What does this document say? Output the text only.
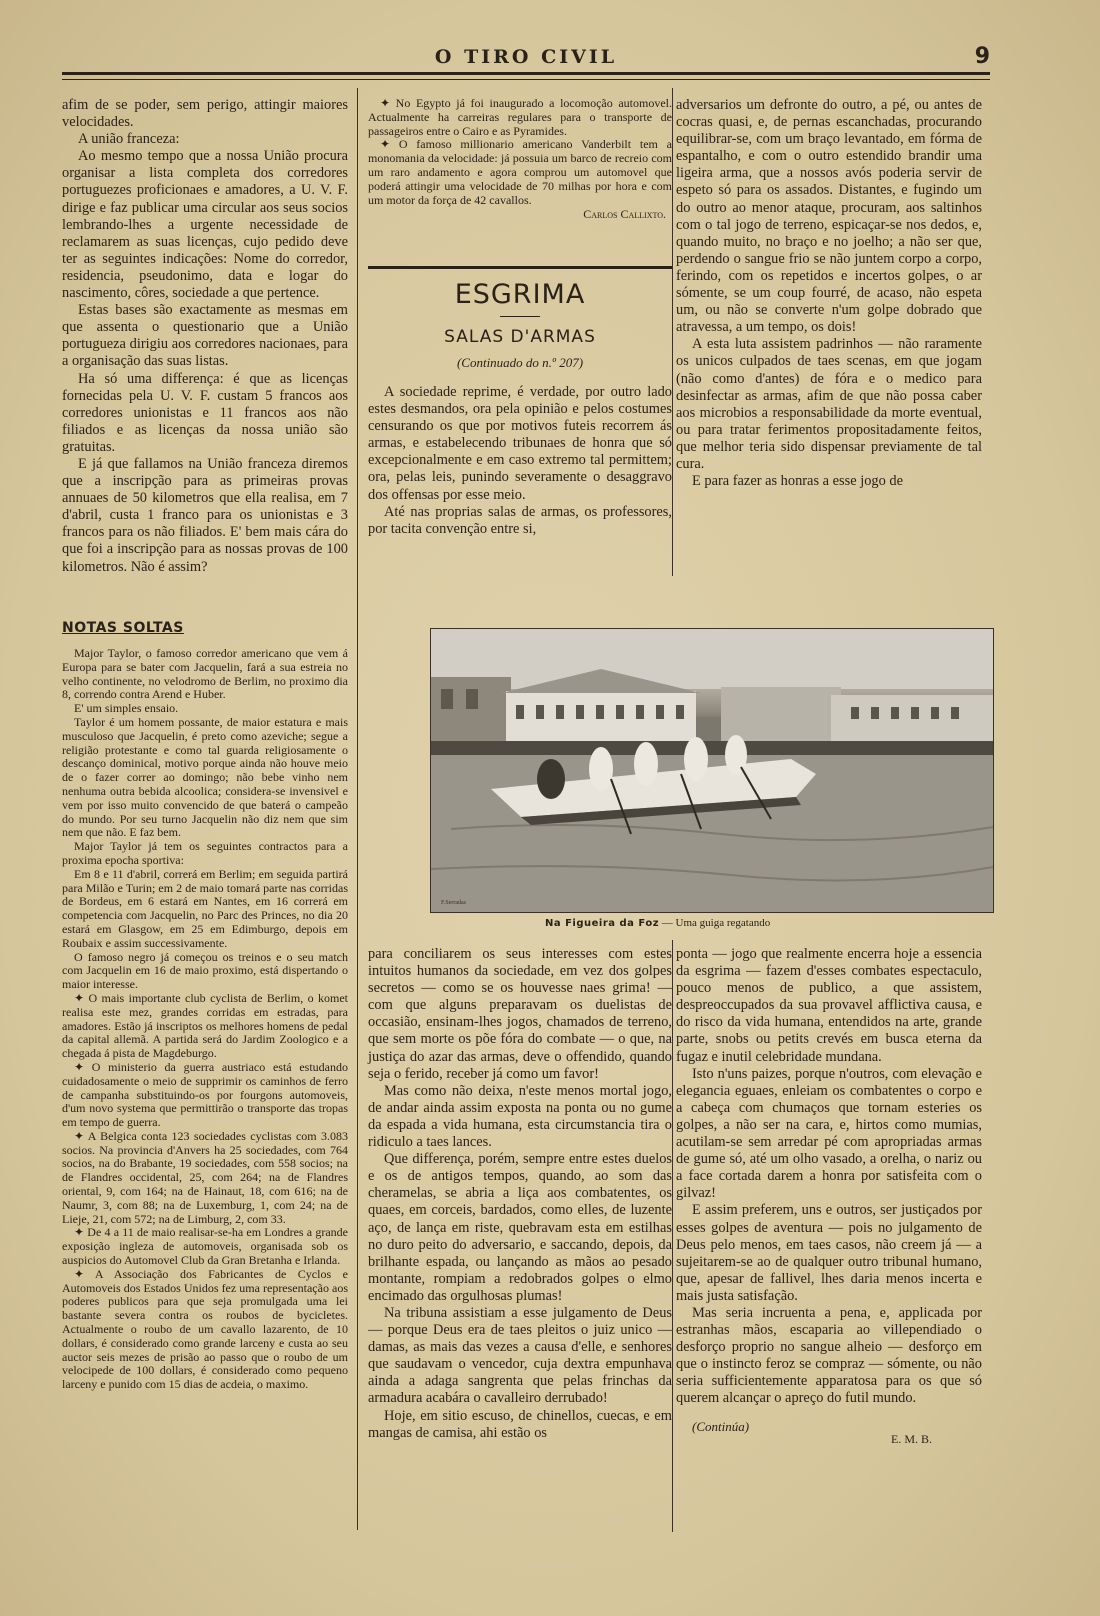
O TIRO CIVIL	9

afim de se poder, sem perigo, attingir maiores velocidades.

A união franceza:

Ao mesmo tempo que a nossa União procura organisar a lista completa dos corredores portuguezes proficionaes e amadores, a U. V. F. dirige e faz publicar uma circular aos seus socios lembrando-lhes a urgente necessidade de reclamarem as suas licenças, cujo pedido deve ter as seguintes indicações: Nome do corredor, residencia, pseudonimo, data e logar do nascimento, côres, sociedade a que pertence.

Estas bases são exactamente as mesmas em que assenta o questionario que a União portugueza dirigiu aos corredores nacionaes, para a organisação das suas listas.

Ha só uma differença: é que as licenças fornecidas pela U. V. F. custam 5 francos aos corredores unionistas e 11 francos aos não filiados e as licenças da nossa união são gratuitas.

E já que fallamos na União franceza diremos que a inscripção para as primeiras provas annuaes de 50 kilometros que ella realisa, em 7 d'abril, custa 1 franco para os unionistas e 3 francos para os não filiados. E' bem mais cára do que foi a inscripção para as nossas provas de 100 kilometros. Não é assim?

NOTAS SOLTAS

Major Taylor, o famoso corredor americano que vem á Europa para se bater com Jacquelin, fará a sua estreia no velho continente, no velodromo de Berlim, no proximo dia 8, correndo contra Arend e Huber.

E' um simples ensaio.

Taylor é um homem possante, de maior estatura e mais musculoso que Jacquelin, é preto como azeviche; segue a religião protestante e como tal guarda religiosamente o descanço dominical, motivo porque ainda não houve meio de o fazer correr ao domingo; não bebe vinho nem nenhuma outra bebida alcoolica; considera-se invensivel e vem por isso muito convencido de que baterá o campeão do mundo. Por seu turno Jacquelin não diz nem que sim nem que não. E faz bem.

Major Taylor já tem os seguintes contractos para a proxima epocha sportiva:

Em 8 e 11 d'abril, correrá em Berlim; em seguida partirá para Milão e Turin; em 2 de maio tomará parte nas corridas de Bordeus, em 6 estará em Nantes, em 16 correrá em competencia com Jacquelin, no Parc des Princes, no dia 20 estará em Glasgow, em 25 em Edimburgo, depois em Roubaix e assim successivamente.

O famoso negro já começou os treinos e o seu match com Jacquelin em 16 de maio proximo, está dispertando o maior interesse.

✦ O mais importante club cyclista de Berlim, o komet realisa este mez, grandes corridas em estradas, para amadores. Estão já inscriptos os melhores homens de pedal da capital allemã. A partida será do Jardim Zoologico e a chegada á pista de Magdeburgo.

✦ O ministerio da guerra austriaco está estudando cuidadosamente o meio de supprimir os caminhos de ferro de campanha substituindo-os por fourgons automoveis, d'um novo systema que permittirão o transporte das tropas em tempo de guerra.

✦ A Belgica conta 123 sociedades cyclistas com 3.083 socios. Na provincia d'Anvers ha 25 sociedades, com 764 socios, na do Brabante, 19 sociedades, com 558 socios; na de Flandres occidental, 25, com 264; na de Flandres oriental, 9, com 164; na de Hainaut, 18, com 616; na de Naumr, 3, com 88; na de Luxemburg, 1, com 24; na de Lieje, 21, com 572; na de Limburg, 2, com 33.

✦ De 4 a 11 de maio realisar-se-ha em Londres a grande exposição ingleza de automoveis, organisada sob os auspicios do Automovel Club da Gran Bretanha e Irlanda.

✦ A Associação dos Fabricantes de Cyclos e Automoveis dos Estados Unidos fez uma representação aos poderes publicos para que seja promulgada uma lei bastante severa contra os roubos de bycicletes. Actualmente o roubo de um cavallo lazarento, de 10 dollars, é considerado como grande larceny e custa ao seu auctor seis mezes de prisão ao passo que o roubo de um velocipede de 100 dollars, é considerado como pequeno larceny e punido com 15 dias de acdeia, o maximo.

✦ No Egypto já foi inaugurado a locomoção automovel. Actualmente ha carreiras regulares para o transporte de passageiros entre o Cairo e as Pyramides.

✦ O famoso millionario americano Vanderbilt tem a monomania da velocidade: já possuia um barco de recreio com um raro andamento e agora comprou um automovel que poderá attingir uma velocidade de 70 milhas por hora e com um motor da força de 42 cavallos.

Carlos Callixto.
ESGRIMA
SALAS D'ARMAS
(Continuado do n.º 207)

A sociedade reprime, é verdade, por outro lado estes desmandos, ora pela opinião e pelos costumes censurando os que por motivos futeis recorrem ás armas, e estabelecendo tribunaes de honra que só excepcionalmente e em caso extremo tal permittem; ora, pelas leis, punindo severamente o desaggravo dos offensas por esse meio.

Até nas proprias salas de armas, os professores, por tacita convenção entre si,

adversarios um defronte do outro, a pé, ou antes de cocras quasi, e, de pernas escanchadas, procurando equilibrar-se, com um braço levantado, em fórma de espantalho, e com o outro estendido brandir uma ligeira arma, que a nossos avós poderia servir de espeto só para os assados. Distantes, e fugindo um do outro ao menor ataque, procuram, aos saltinhos com o tal jogo de terreno, espicaçar-se nos dedos, e, quando muito, no braço e no joelho; a não ser que, perdendo o sangue frio se não juntem corpo a corpo, ferindo, com os repetidos e incertos golpes, o ar sómente, se um coup fourré, de acaso, não espeta um, ou não se converte n'um golpe dobrado que atravessa, a um tempo, os dois!

A esta luta assistem padrinhos — não raramente os unicos culpados de taes scenas, em que jogam (não como d'antes) de fóra e o medico para desinfectar as armas, afim de que não possa caber aos microbios a responsabilidade da morte eventual, ou para tratar ferimentos propositadamente feitos, que melhor teria sido dispensar previamente de tal cura.

E para fazer as honras a esse jogo de

F.Serradas
Na Figueira da Foz — Uma guiga regatando

para conciliarem os seus interesses com estes intuitos humanos da sociedade, em vez dos golpes secretos — como se os houvesse naes grima! — com que alguns preparavam os duelistas de occasião, ensinam-lhes jogos, chamados de terreno, que sem morte os põe fóra do combate — o que, na justiça do azar das armas, deve o offendido, quando seja o ferido, receber já como um favor!

Mas como não deixa, n'este menos mortal jogo, de andar ainda assim exposta na ponta ou no gume da espada a vida humana, esta circumstancia tira o ridiculo a taes lances.

Que differença, porém, sempre entre estes duelos e os de antigos tempos, quando, ao som das cheramelas, se abria a liça aos combatentes, os quaes, em corceis, bardados, como elles, de luzente aço, de lança em riste, quebravam esta em estilhas no duro peito do adversario, e saccando, depois, da brilhante espada, ou lançando as mãos ao pesado montante, rompiam a redobrados golpes o elmo encimado das orgulhosas plumas!

Na tribuna assistiam a esse julgamento de Deus — porque Deus era de taes pleitos o juiz unico — damas, as mais das vezes a causa d'elle, e senhores que saudavam o vencedor, cuja dextra empunhava ainda a adaga sangrenta que pelas frinchas da armadura acabára o cavalleiro derrubado!

Hoje, em sitio escuso, de chinellos, cuecas, e em mangas de camisa, ahi estão os

ponta — jogo que realmente encerra hoje a essencia da esgrima — fazem d'esses combates espectaculo, pouco menos de publico, a que assistem, despreoccupados da sua provavel afflictiva causa, e do risco da vida humana, entendidos na arte, grande parte, snobs ou petits crevés em busca eterna da fugaz e inutil celebridade mundana.

Isto n'uns paizes, porque n'outros, com elevação e elegancia eguaes, enleiam os combatentes o corpo e a cabeça com chumaços que tornam esteries os golpes, a não ser na cara, e, hirtos como mumias, acutilam-se sem arredar pé com apropriadas armas de gume só, até um olho vasado, a orelha, o nariz ou a face cortada darem a honra por satisfeita com o gilvaz!

E assim preferem, uns e outros, ser justiçados por esses golpes de aventura — pois no julgamento de Deus pelo menos, em taes casos, não creem já — a sujeitarem-se ao de qualquer outro tribunal humano, que, apesar de fallivel, lhes daria menos incerta e mais justa satisfação.

Mas seria incruenta a pena, e, applicada por estranhas mãos, escaparia ao villependiado o desforço proprio no sangue alheio — desforço em que o instincto feroz se compraz — sómente, ou não seria sufficientemente apparatosa para os que só querem alcançar o apreço do futil mundo.

(Continúa)
E. M. B.
